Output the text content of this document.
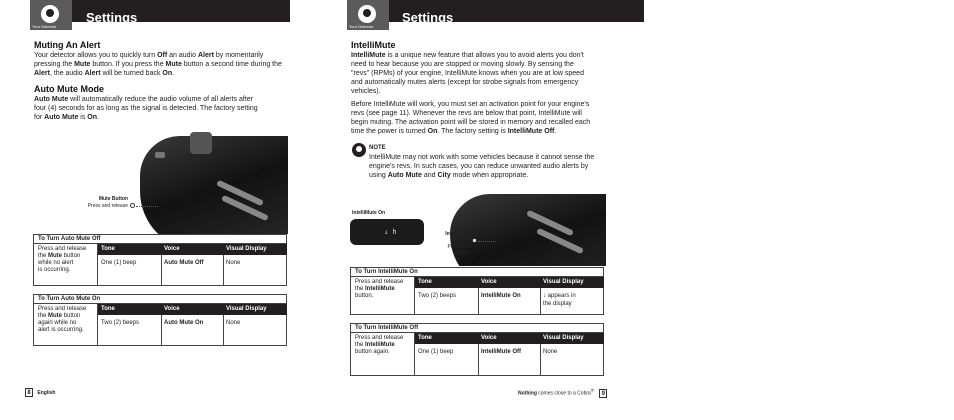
Your Detector
Settings
Your Detector
Settings
Muting An Alert

Your detector allows you to quickly turn Off an audio Alert by momentarily pressing the Mute button. If you press the Mute button a second time during the Alert, the audio Alert will be turned back On.

Auto Mute Mode

Auto Mute will automatically reduce the audio volume of all alerts after four (4) seconds for as long as the signal is detected. The factory setting for Auto Mute is On.

Mute Button
Press and release
To Turn Auto Mute Off
Press and release
the Mute button
while no alert
is occurring.
Tone	Voice	Visual Display
One (1) beep	Auto Mute Off	None
To Turn Auto Mute On
Press and release
the Mute button
again while no
alert is occurring.
Tone	Voice	Visual Display
Two (2) beeps	Auto Mute On	None
8 English
IntelliMute

IntelliMute is a unique new feature that allows you to avoid alerts you don't need to hear because you are stopped or moving slowly. By sensing the "revs" (RPMs) of your engine, IntelliMute knows when you are at low speed and automatically mutes alerts (except for strobe signals from emergency vehicles).

Before IntelliMute will work, you must set an activation point for your engine's revs (see page 11). Whenever the revs are below that point, IntelliMute will begin muting. The activation point will be stored in memory and recalled each time the power is turned On. The factory setting is IntelliMute Off.

NOTE

IntelliMute may not work with some vehicles because it cannot sense the engine's revs. In such cases, you can reduce unwanted audio alerts by using Auto Mute and City mode when appropriate.

IntelliMute On
↓ h	IntelliMute
Button
Press and
release
To Turn IntelliMute On
Press and release
the IntelliMute
button.
Tone	Voice	Visual Display
Two (2) beeps	IntelliMute On	↓ appears in
the display
To Turn IntelliMute Off
Press and release
the IntelliMute
button again.
Tone	Voice	Visual Display
One (1) beep	IntelliMute Off	None
Nothing comes close to a Cobra® 9
